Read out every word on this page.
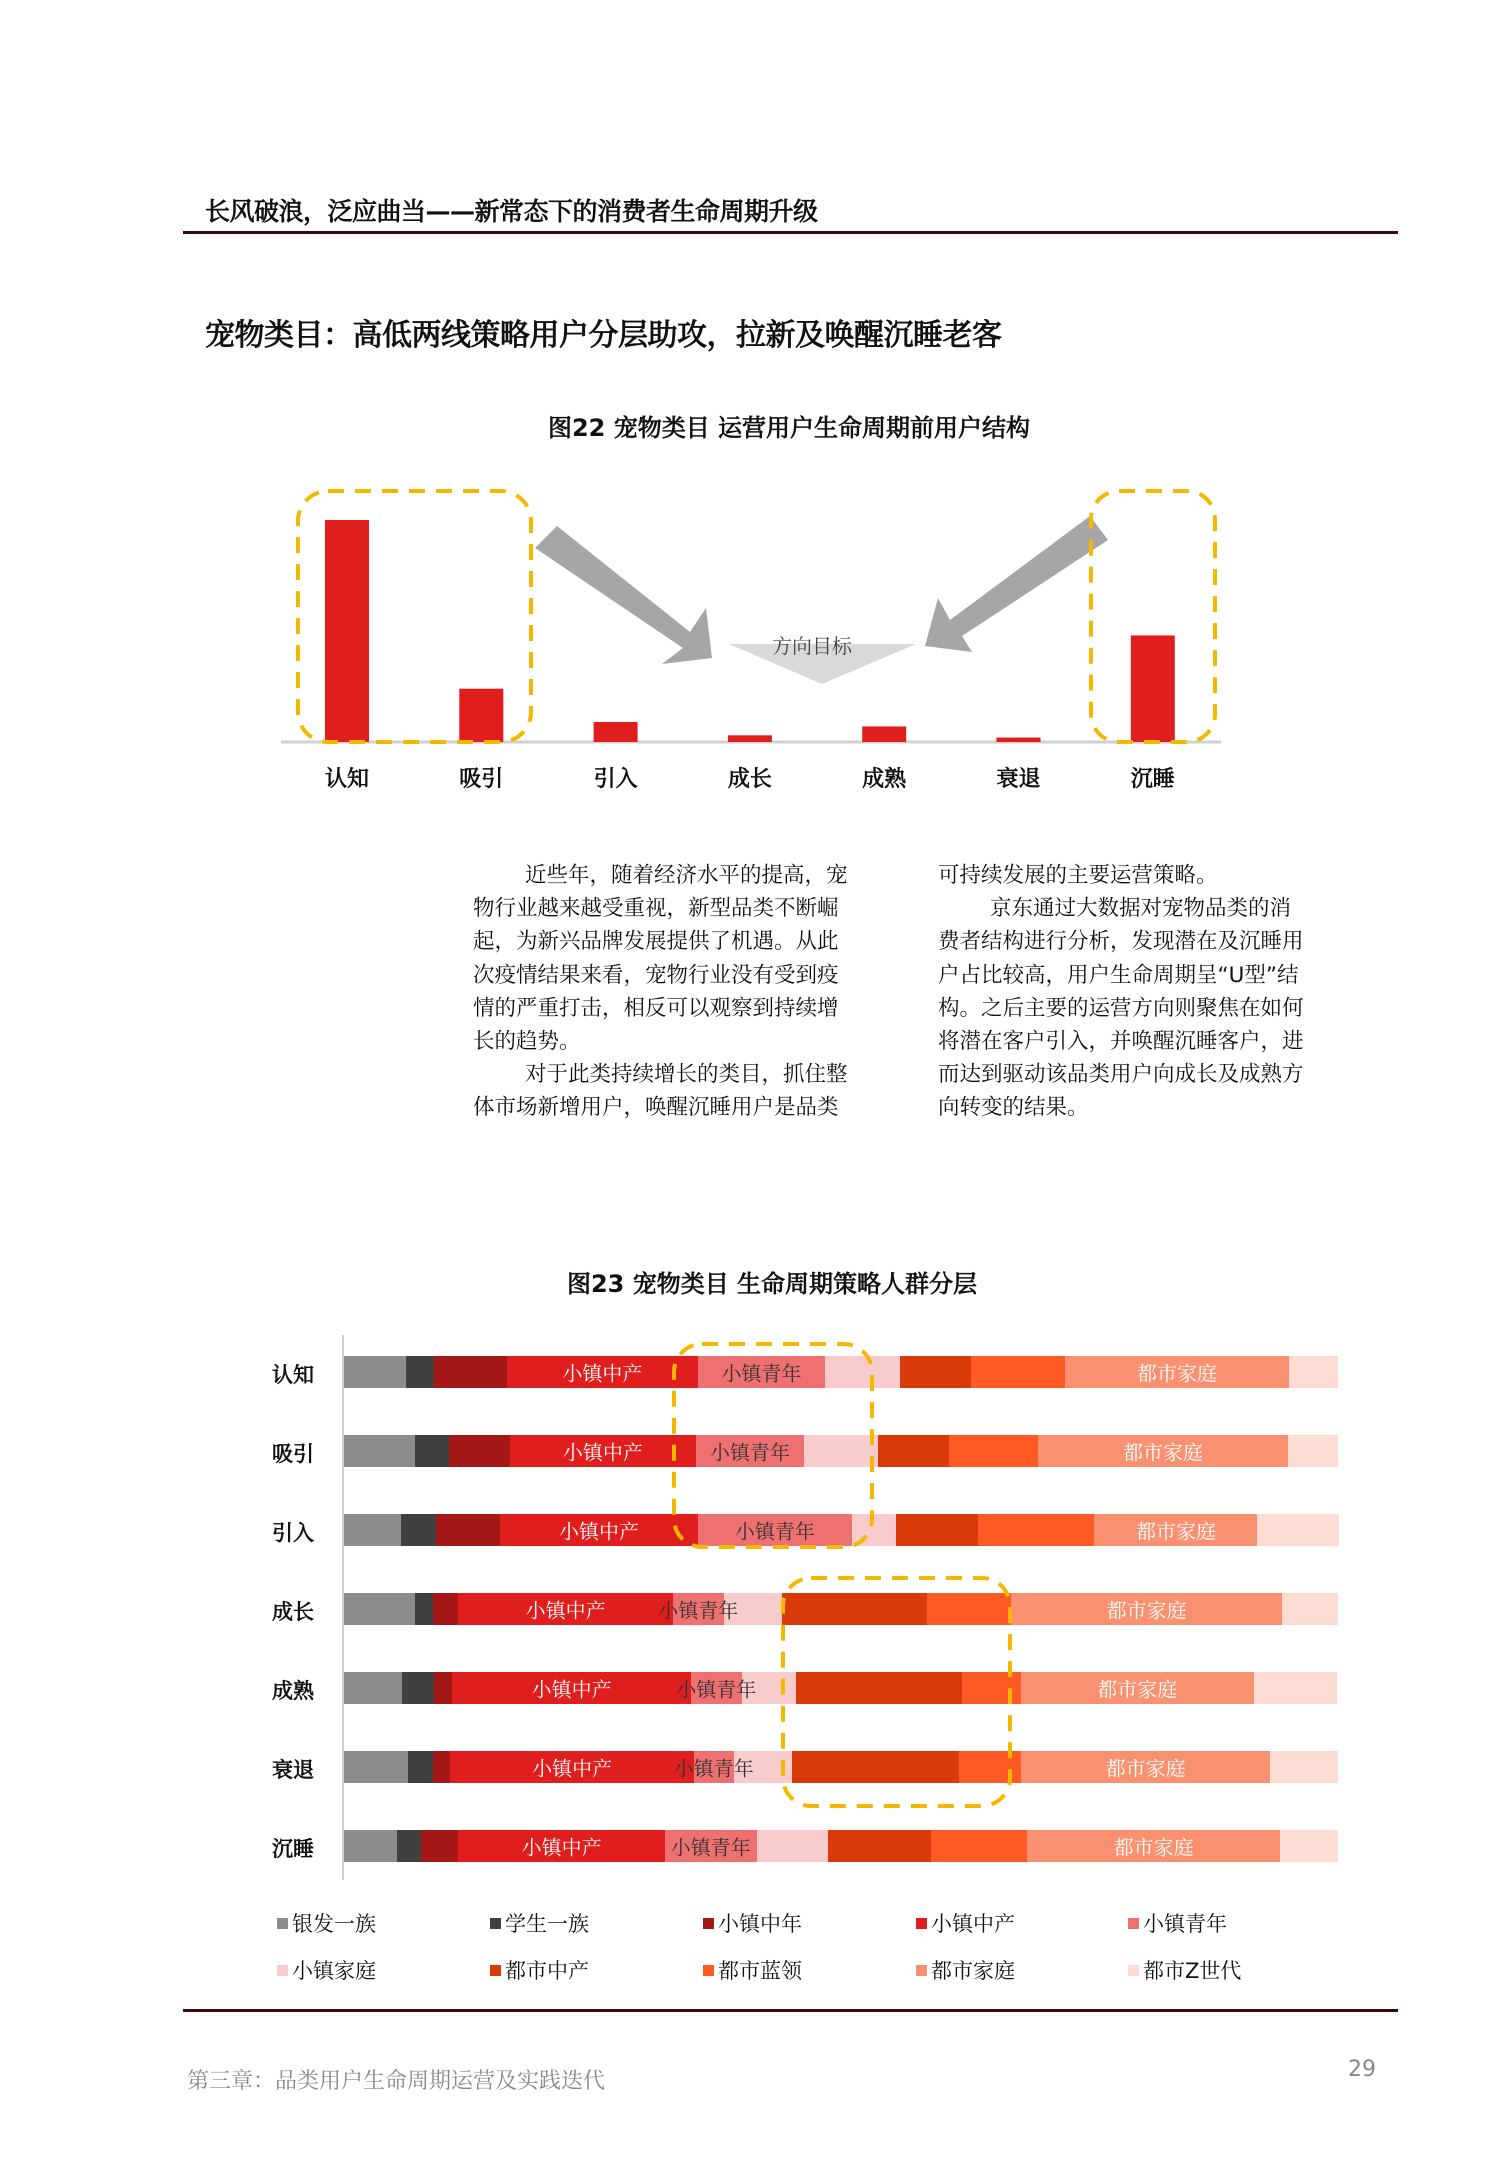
长风破浪，泛应曲当——新常态下的消费者生命周期升级
宠物类目：高低两线策略用户分层助攻，拉新及唤醒沉睡老客
图22 宠物类目 运营用户生命周期前用户结构
方向目标
认知	吸引	引入	成长	成熟	衰退	沉睡
近些年，随着经济水平的提高，宠
物行业越来越受重视，新型品类不断崛
起，为新兴品牌发展提供了机遇。从此
次疫情结果来看，宠物行业没有受到疫
情的严重打击，相反可以观察到持续增
长的趋势。
对于此类持续增长的类目，抓住整
体市场新增用户，唤醒沉睡用户是品类
可持续发展的主要运营策略。
京东通过大数据对宠物品类的消
费者结构进行分析，发现潜在及沉睡用
户占比较高，用户生命周期呈“U型”结
构。之后主要的运营方向则聚焦在如何
将潜在客户引入，并唤醒沉睡客户，进
而达到驱动该品类用户向成长及成熟方
向转变的结果。
图23 宠物类目 生命周期策略人群分层
认知	小镇中产	小镇青年	都市家庭
吸引	小镇中产	小镇青年	都市家庭
引入	小镇中产	小镇青年	都市家庭
成长	小镇中产	小镇青年	都市家庭
成熟	小镇中产	小镇青年	都市家庭
衰退	小镇中产	小镇青年	都市家庭
沉睡	小镇中产	小镇青年	都市家庭
银发一族	学生一族	小镇中年	小镇中产	小镇青年
小镇家庭	都市中产	都市蓝领	都市家庭	都市Z世代
第三章：品类用户生命周期运营及实践迭代	29
